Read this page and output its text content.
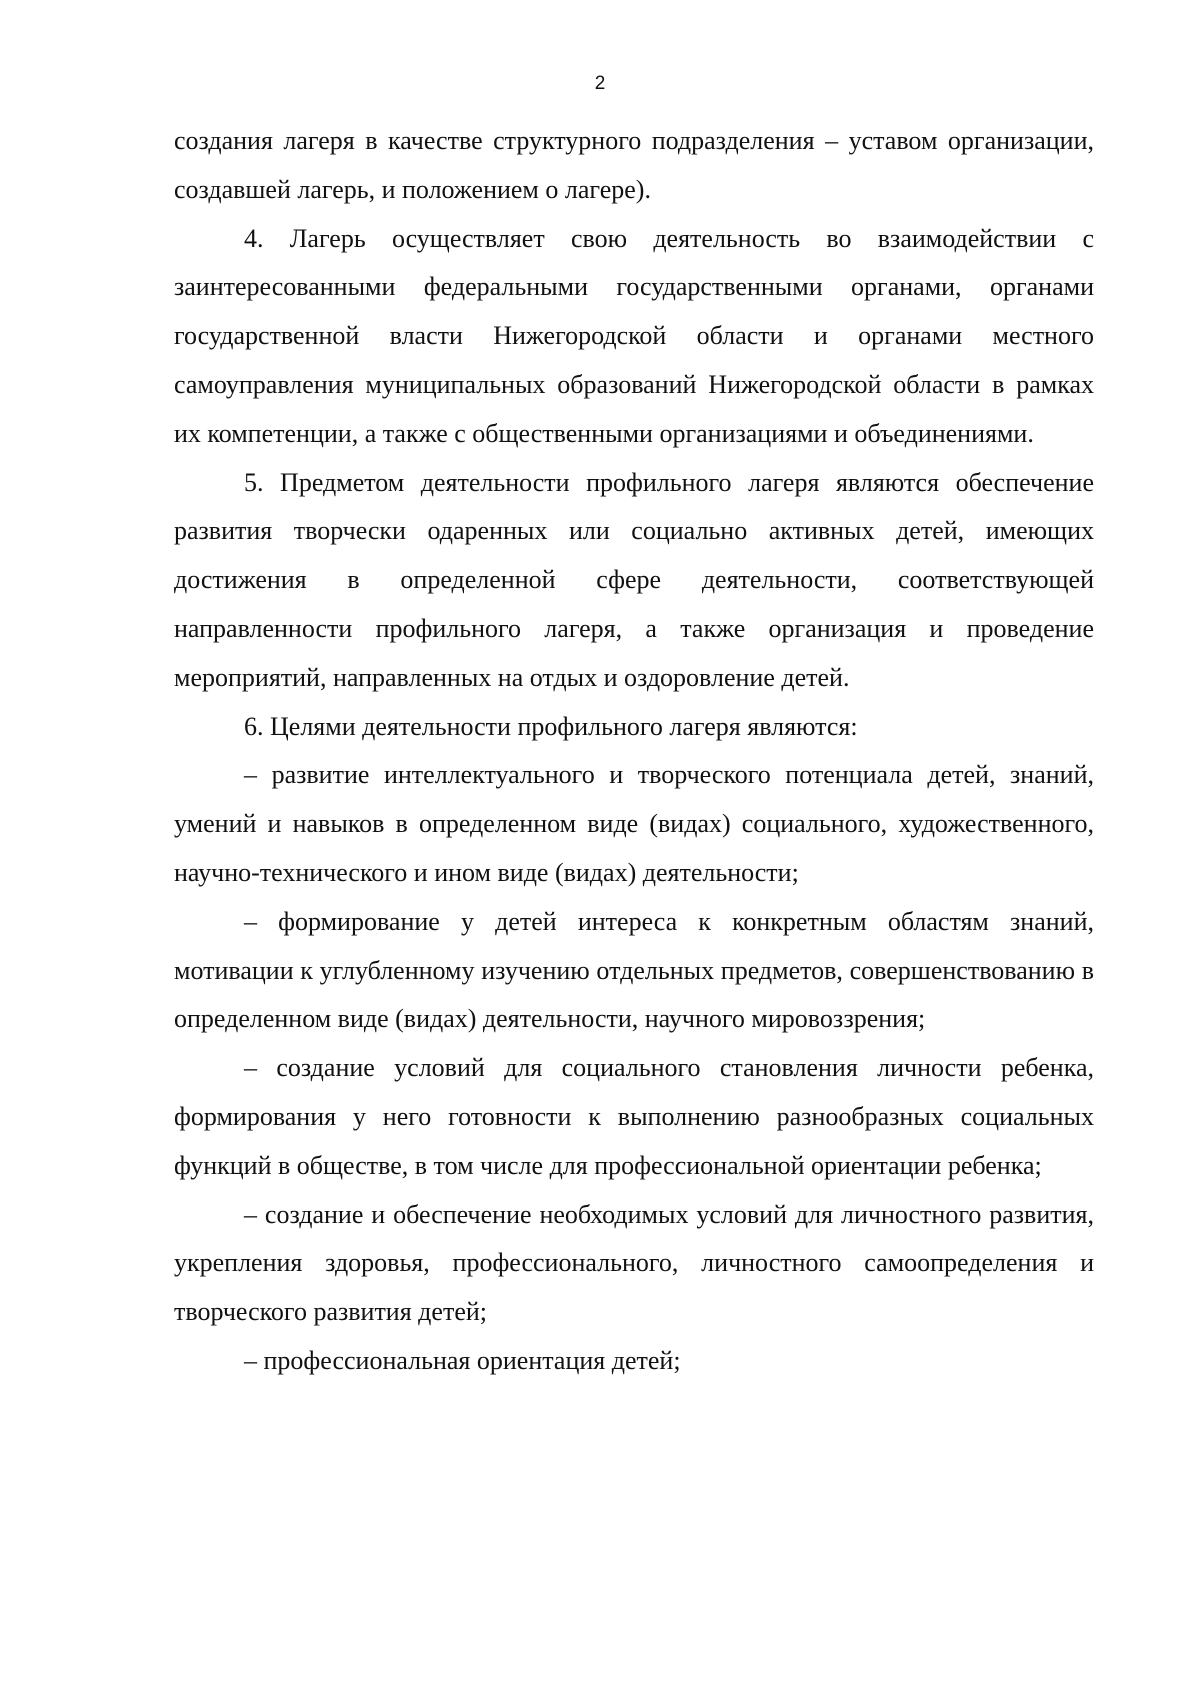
2

создания лагеря в качестве структурного подразделения – уставом организации, создавшей лагерь, и положением о лагере).

4. Лагерь осуществляет свою деятельность во взаимодействии с заинтересованными федеральными государственными органами, органами государственной власти Нижегородской области и органами местного самоуправления муниципальных образований Нижегородской области в рамках их компетенции, а также с общественными организациями и объединениями.

5. Предметом деятельности профильного лагеря являются обеспечение развития творчески одаренных или социально активных детей, имеющих достижения в определенной сфере деятельности, соответствующей направленности профильного лагеря, а также организация и проведение мероприятий, направленных на отдых и оздоровление детей.

6. Целями деятельности профильного лагеря являются:

– развитие интеллектуального и творческого потенциала детей, знаний, умений и навыков в определенном виде (видах) социального, художественного, научно-технического и ином виде (видах) деятельности;

– формирование у детей интереса к конкретным областям знаний, мотивации к углубленному изучению отдельных предметов, совершенствованию в определенном виде (видах) деятельности, научного мировоззрения;

– создание условий для социального становления личности ребенка, формирования у него готовности к выполнению разнообразных социальных функций в обществе, в том числе для профессиональной ориентации ребенка;

– создание и обеспечение необходимых условий для личностного развития, укрепления здоровья, профессионального, личностного самоопределения и творческого развития детей;

– профессиональная ориентация детей;
